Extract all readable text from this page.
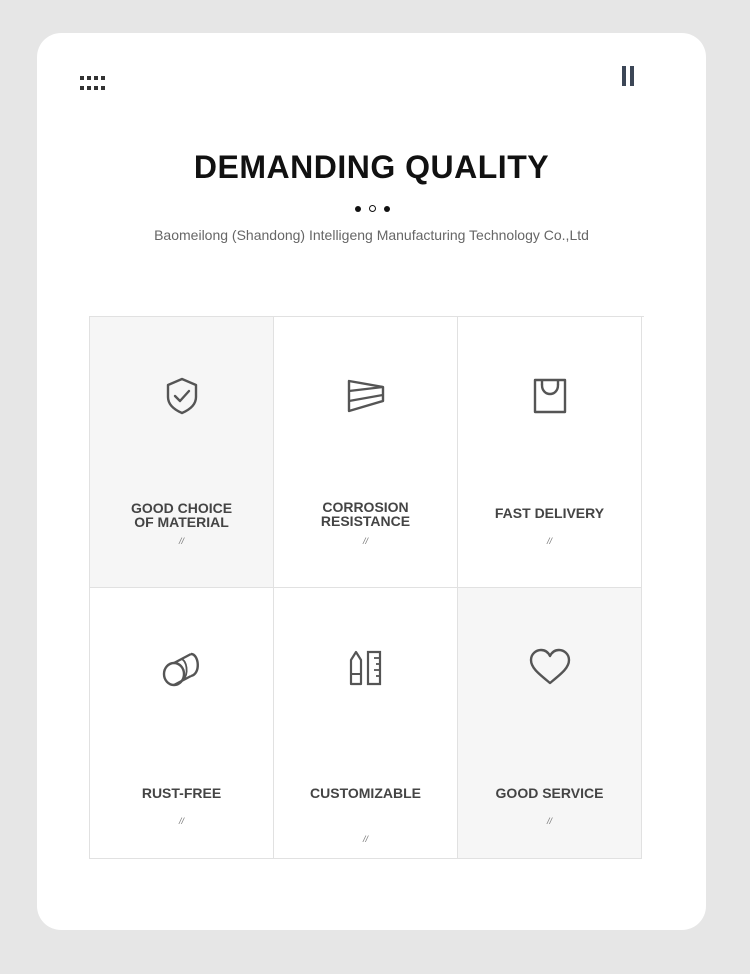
DEMANDING QUALITY
Baomeilong (Shandong) Intelligeng Manufacturing Technology Co.,Ltd
GOOD CHOICE
OF MATERIAL
//
CORROSION
RESISTANCE
//
FAST DELIVERY
//
RUST-FREE
//
CUSTOMIZABLE
//
GOOD SERVICE
//
